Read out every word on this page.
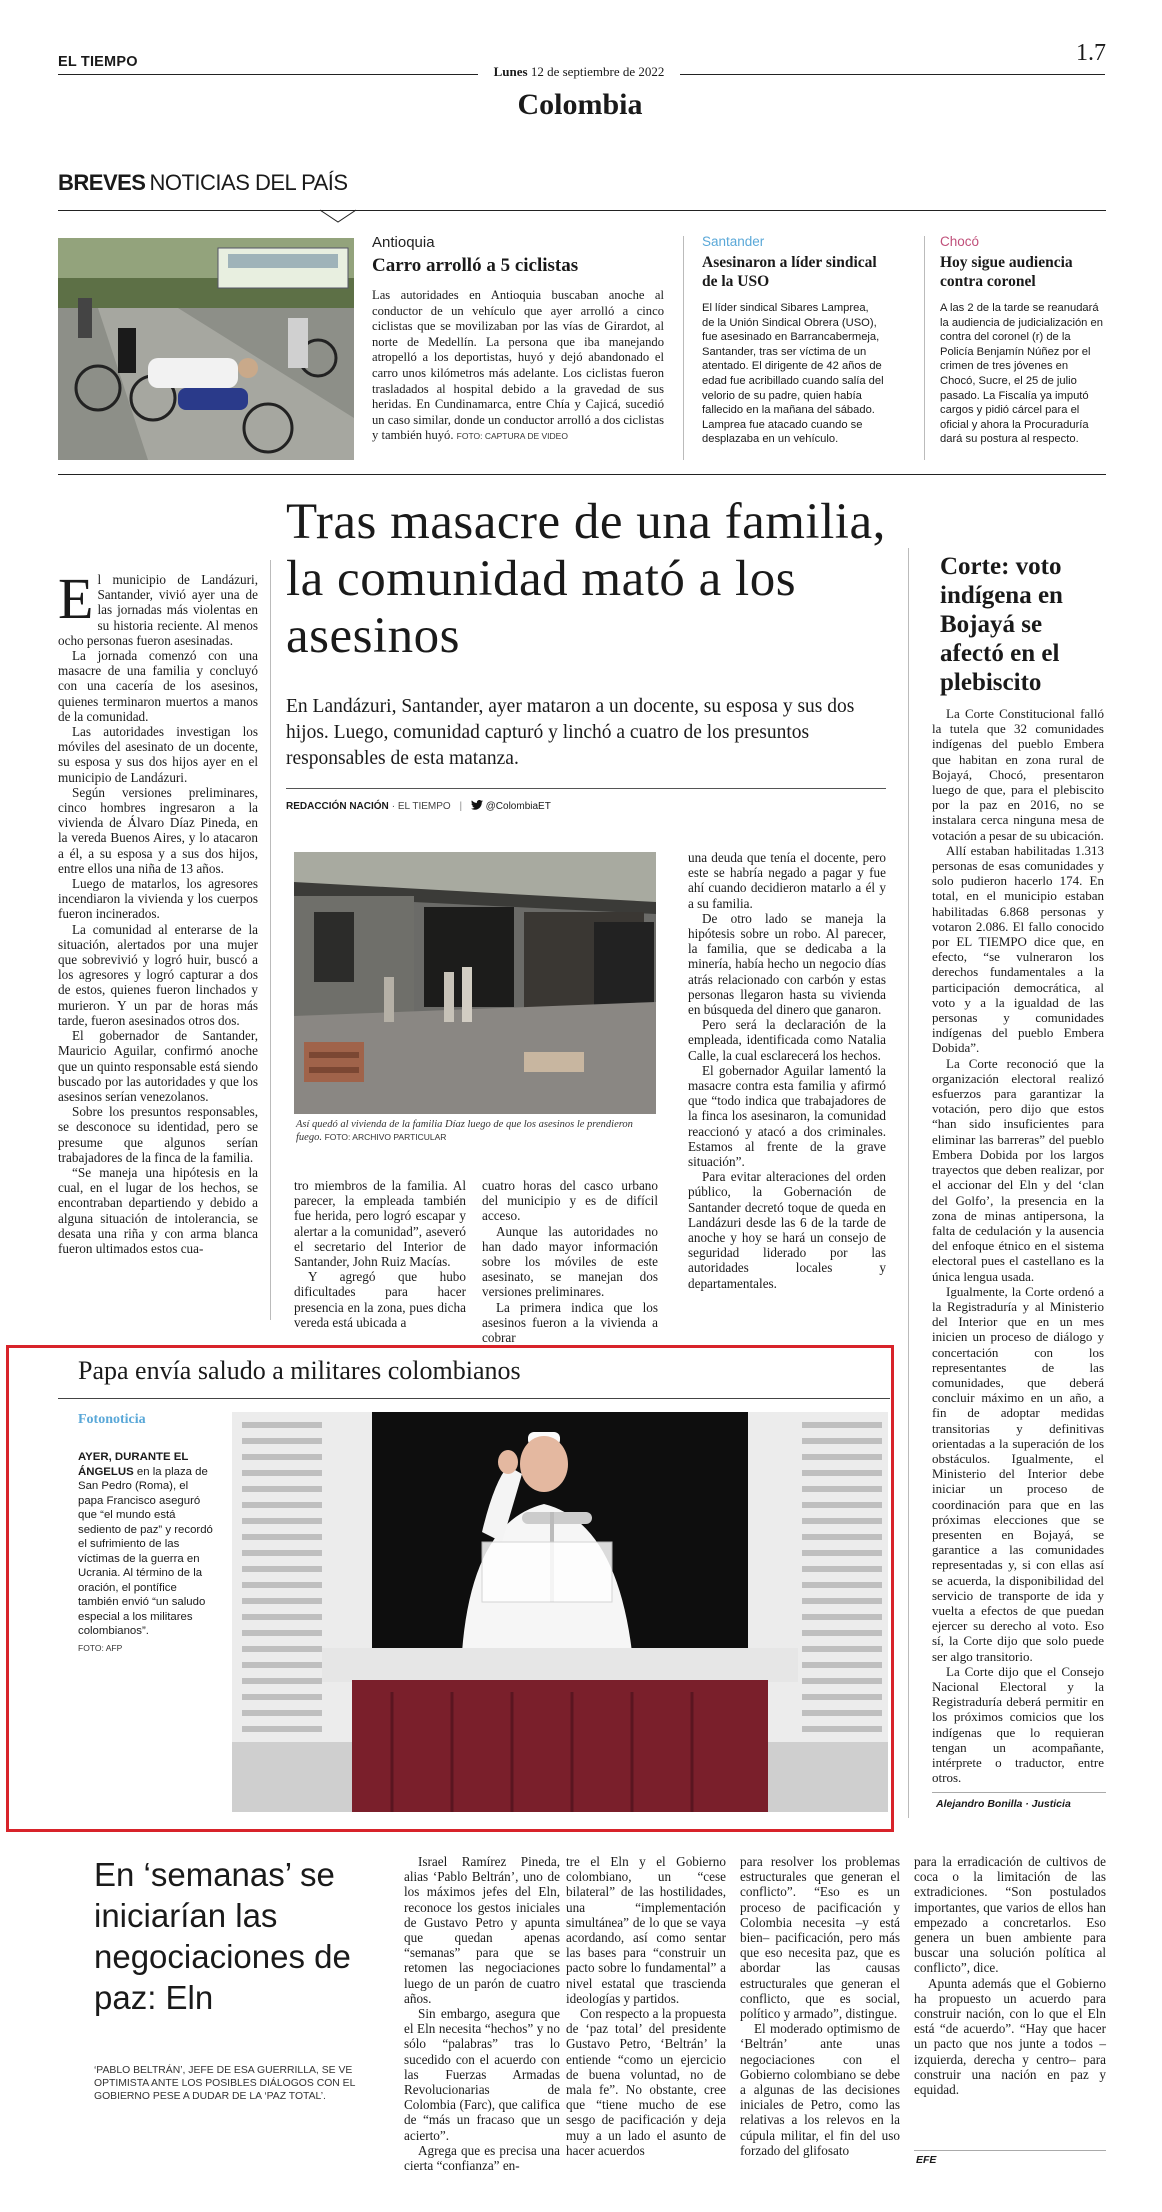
EL TIEMPO	1.7
Lunes 12 de septiembre de 2022
Colombia
BREVES NOTICIAS DEL PAÍS
Antioquia
Carro arrolló a 5 ciclistas
Las autoridades en Antioquia buscaban anoche al conductor de un vehículo que ayer arrolló a cinco ciclistas que se movilizaban por las vías de Girardot, al norte de Medellín. La persona que iba manejando atropelló a los deportistas, huyó y dejó abandonado el carro unos kilómetros más adelante. Los ciclistas fueron trasladados al hospital debido a la gravedad de sus heridas. En Cundinamarca, entre Chía y Cajicá, sucedió un caso similar, donde un conductor arrolló a dos ciclistas y también huyó. FOTO: CAPTURA DE VIDEO
Santander
Asesinaron a líder sindical de la USO
El líder sindical Sibares Lamprea, de la Unión Sindical Obrera (USO), fue asesinado en Barrancabermeja, Santander, tras ser víctima de un atentado. El dirigente de 42 años de edad fue acribillado cuando salía del velorio de su padre, quien había fallecido en la mañana del sábado. Lamprea fue atacado cuando se desplazaba en un vehículo.
Chocó
Hoy sigue audiencia contra coronel
A las 2 de la tarde se reanudará la audiencia de judicialización en contra del coronel (r) de la Policía Benjamín Núñez por el crimen de tres jóvenes en Chocó, Sucre, el 25 de julio pasado. La Fiscalía ya imputó cargos y pidió cárcel para el oficial y ahora la Procuraduría dará su postura al respecto.
Tras masacre de una familia, la comunidad mató a los asesinos
En Landázuri, Santander, ayer mataron a un docente, su esposa y sus dos hijos. Luego, comunidad capturó y linchó a cuatro de los presuntos responsables de esta matanza.
REDACCIÓN NACIÓN · EL TIEMPO | @ColombiaET
E l municipio de Landázuri, Santander, vivió ayer una de las jornadas más violentas en su historia reciente. Al menos ocho personas fueron asesinadas.

La jornada comenzó con una masacre de una familia y concluyó con una cacería de los asesinos, quienes terminaron muertos a manos de la comunidad.

Las autoridades investigan los móviles del asesinato de un docente, su esposa y sus dos hijos ayer en el municipio de Landázuri.

Según versiones preliminares, cinco hombres ingresaron a la vivienda de Álvaro Díaz Pineda, en la vereda Buenos Aires, y lo atacaron a él, a su esposa y a sus dos hijos, entre ellos una niña de 13 años.

Luego de matarlos, los agresores incendiaron la vivienda y los cuerpos fueron incinerados.

La comunidad al enterarse de la situación, alertados por una mujer que sobrevivió y logró huir, buscó a los agresores y logró capturar a dos de estos, quienes fueron linchados y murieron. Y un par de horas más tarde, fueron asesinados otros dos.

El gobernador de Santander, Mauricio Aguilar, confirmó anoche que un quinto responsable está siendo buscado por las autoridades y que los asesinos serían venezolanos.

Sobre los presuntos responsables, se desconoce su identidad, pero se presume que algunos serían trabajadores de la finca de la familia.

“Se maneja una hipótesis en la cual, en el lugar de los hechos, se encontraban departiendo y debido a alguna situación de intolerancia, se desata una riña y con arma blanca fueron ultimados estos cua-

Así quedó al vivienda de la familia Díaz luego de que los asesinos le prendieron fuego. FOTO: ARCHIVO PARTICULAR

una deuda que tenía el docente, pero este se habría negado a pagar y fue ahí cuando decidieron matarlo a él y a su familia.

De otro lado se maneja la hipótesis sobre un robo. Al parecer, la familia, que se dedicaba a la minería, había hecho un negocio días atrás relacionado con carbón y estas personas llegaron hasta su vivienda en búsqueda del dinero que ganaron.

Pero será la declaración de la empleada, identificada como Natalia Calle, la cual esclarecerá los hechos.

El gobernador Aguilar lamentó la masacre contra esta familia y afirmó que “todo indica que trabajadores de la finca los asesinaron, la comunidad reaccionó y atacó a dos criminales. Estamos al frente de la grave situación”.

Para evitar alteraciones del orden público, la Gobernación de Santander decretó toque de queda en Landázuri desde las 6 de la tarde de anoche y hoy se hará un consejo de seguridad liderado por las autoridades locales y departamentales.

tro miembros de la familia. Al parecer, la empleada también fue herida, pero logró escapar y alertar a la comunidad”, aseveró el secretario del Interior de Santander, John Ruiz Macías.

Y agregó que hubo dificultades para hacer presencia en la zona, pues dicha vereda está ubicada a

cuatro horas del casco urbano del municipio y es de difícil acceso.

Aunque las autoridades no han dado mayor información sobre los móviles de este asesinato, se manejan dos versiones preliminares.

La primera indica que los asesinos fueron a la vivienda a cobrar

Corte: voto indígena en Bojayá se afectó en el plebiscito

La Corte Constitucional falló la tutela que 32 comunidades indígenas del pueblo Embera que habitan en zona rural de Bojayá, Chocó, presentaron luego de que, para el plebiscito por la paz en 2016, no se instalara cerca ninguna mesa de votación a pesar de su ubicación.

Allí estaban habilitadas 1.313 personas de esas comunidades y solo pudieron hacerlo 174. En total, en el municipio estaban habilitadas 6.868 personas y votaron 2.086. El fallo conocido por EL TIEMPO dice que, en efecto, “se vulneraron los derechos fundamentales a la participación democrática, al voto y a la igualdad de las personas y comunidades indígenas del pueblo Embera Dobida”.

La Corte reconoció que la organización electoral realizó esfuerzos para garantizar la votación, pero dijo que estos “han sido insuficientes para eliminar las barreras” del pueblo Embera Dobida por los largos trayectos que deben realizar, por el accionar del Eln y del ‘clan del Golfo’, la presencia en la zona de minas antipersona, la falta de cedulación y la ausencia del enfoque étnico en el sistema electoral pues el castellano es la única lengua usada.

Igualmente, la Corte ordenó a la Registraduría y al Ministerio del Interior que en un mes inicien un proceso de diálogo y concertación con los representantes de las comunidades, que deberá concluir máximo en un año, a fin de adoptar medidas transitorias y definitivas orientadas a la superación de los obstáculos. Igualmente, el Ministerio del Interior debe iniciar un proceso de coordinación para que en las próximas elecciones que se presenten en Bojayá, se garantice a las comunidades representadas y, si con ellas así se acuerda, la disponibilidad del servicio de transporte de ida y vuelta a efectos de que puedan ejercer su derecho al voto. Eso sí, la Corte dijo que solo puede ser algo transitorio.

La Corte dijo que el Consejo Nacional Electoral y la Registraduría deberá permitir en los próximos comicios que los indígenas que lo requieran tengan un acompañante, intérprete o traductor, entre otros.

Alejandro Bonilla · Justicia
Papa envía saludo a militares colombianos
Fotonoticia
AYER, DURANTE EL ÁNGELUS en la plaza de San Pedro (Roma), el papa Francisco aseguró que “el mundo está sediento de paz” y recordó el sufrimiento de las víctimas de la guerra en Ucrania. Al término de la oración, el pontífice también envió “un saludo especial a los militares colombianos”.
FOTO: AFP
En ‘semanas’ se iniciarían las negociaciones de paz: Eln
‘PABLO BELTRÁN’, JEFE DE ESA GUERRILLA, SE VE OPTIMISTA ANTE LOS POSIBLES DIÁLOGOS CON EL GOBIERNO PESE A DUDAR DE LA ‘PAZ TOTAL’.

Israel Ramírez Pineda, alias ‘Pablo Beltrán’, uno de los máximos jefes del Eln, reconoce los gestos iniciales de Gustavo Petro y apunta que quedan apenas “semanas” para que se retomen las negociaciones luego de un parón de cuatro años.

Sin embargo, asegura que el Eln necesita “hechos” y no sólo “palabras” tras lo sucedido con el acuerdo con las Fuerzas Armadas Revolucionarias de Colombia (Farc), que califica de “más un fracaso que un acierto”.

Agrega que es precisa una cierta “confianza” en-

tre el Eln y el Gobierno colombiano, un “cese bilateral” de las hostilidades, una “implementación simultánea” de lo que se vaya acordando, así como sentar las bases para “construir un pacto sobre lo fundamental” a nivel estatal que trascienda ideologías y partidos.

Con respecto a la propuesta de ‘paz total’ del presidente Gustavo Petro, ‘Beltrán’ la entiende “como un ejercicio de buena voluntad, no de mala fe”. No obstante, cree que “tiene mucho de ese sesgo de pacificación y deja muy a un lado el asunto de hacer acuerdos

para resolver los problemas estructurales que generan el conflicto”. “Eso es un proceso de pacificación y Colombia necesita –y está bien– pacificación, pero más que eso necesita paz, que es abordar las causas estructurales que generan el conflicto, que es social, político y armado”, distingue.

El moderado optimismo de ‘Beltrán’ ante unas negociaciones con el Gobierno colombiano se debe a algunas de las decisiones iniciales de Petro, como las relativas a los relevos en la cúpula militar, el fin del uso forzado del glifosato

para la erradicación de cultivos de coca o la limitación de las extradiciones. “Son postulados importantes, que varios de ellos han empezado a concretarlos. Eso genera un buen ambiente para buscar una solución política al conflicto”, dice.

Apunta además que el Gobierno ha propuesto un acuerdo para construir nación, con lo que el Eln está “de acuerdo”. “Hay que hacer un pacto que nos junte a todos –izquierda, derecha y centro– para construir una nación en paz y equidad.

EFE
